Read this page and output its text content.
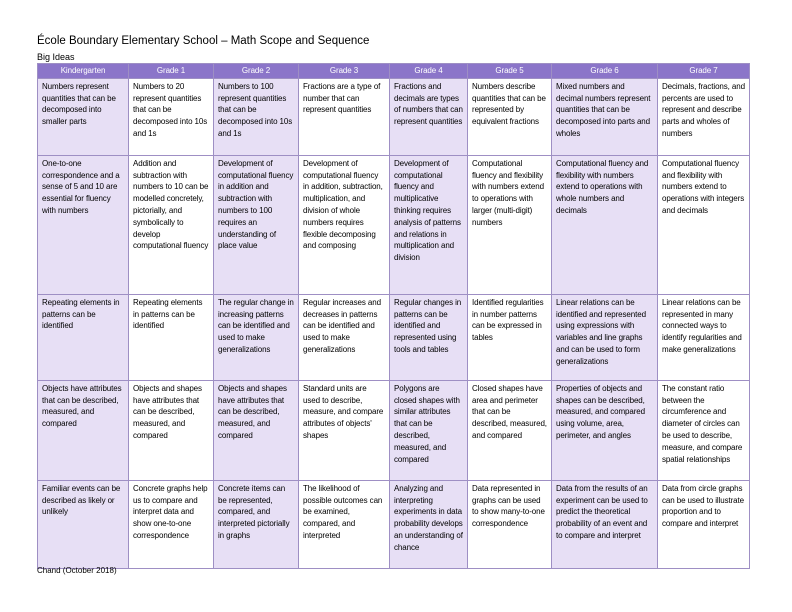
École Boundary Elementary School – Math Scope and Sequence
Big Ideas
Kindergarten	Grade 1	Grade 2	Grade 3	Grade 4	Grade 5	Grade 6	Grade 7
Numbers represent quantities that can be decomposed into smaller parts	Numbers to 20 represent quantities that can be decomposed into 10s and 1s	Numbers to 100 represent quantities that can be decomposed into 10s and 1s	Fractions are a type of number that can represent quantities	Fractions and decimals are types of numbers that can represent quantities	Numbers describe quantities that can be represented by equivalent fractions	Mixed numbers and decimal numbers represent quantities that can be decomposed into parts and wholes	Decimals, fractions, and percents are used to represent and describe parts and wholes of numbers
One-to-one correspondence and a sense of 5 and 10 are essential for fluency with numbers	Addition and subtraction with numbers to 10 can be modelled concretely, pictorially, and symbolically to develop computational fluency	Development of computational fluency in addition and subtraction with numbers to 100 requires an understanding of place value	Development of computational fluency in addition, subtraction, multiplication, and division of whole numbers requires flexible decomposing and composing	Development of computational fluency and multiplicative thinking requires analysis of patterns and relations in multiplication and division	Computational fluency and flexibility with numbers extend to operations with larger (multi-digit) numbers	Computational fluency and flexibility with numbers extend to operations with whole numbers and decimals	Computational fluency and flexibility with numbers extend to operations with integers and decimals
Repeating elements in patterns can be identified	Repeating elements in patterns can be identified	The regular change in increasing patterns can be identified and used to make generalizations	Regular increases and decreases in patterns can be identified and used to make generalizations	Regular changes in patterns can be identified and represented using tools and tables	Identified regularities in number patterns can be expressed in tables	Linear relations can be identified and represented using expressions with variables and line graphs and can be used to form generalizations	Linear relations can be represented in many connected ways to identify regularities and make generalizations
Objects have attributes that can be described, measured, and compared	Objects and shapes have attributes that can be described, measured, and compared	Objects and shapes have attributes that can be described, measured, and compared	Standard units are used to describe, measure, and compare attributes of objects' shapes	Polygons are closed shapes with similar attributes that can be described, measured, and compared	Closed shapes have area and perimeter that can be described, measured, and compared	Properties of objects and shapes can be described, measured, and compared using volume, area, perimeter, and angles	The constant ratio between the circumference and diameter of circles can be used to describe, measure, and compare spatial relationships
Familiar events can be described as likely or unlikely	Concrete graphs help us to compare and interpret data and show one-to-one correspondence	Concrete items can be represented, compared, and interpreted pictorially in graphs	The likelihood of possible outcomes can be examined, compared, and interpreted	Analyzing and interpreting experiments in data probability develops an understanding of chance	Data represented in graphs can be used to show many-to-one correspondence	Data from the results of an experiment can be used to predict the theoretical probability of an event and to compare and interpret	Data from circle graphs can be used to illustrate proportion and to compare and interpret
Chand (October 2018)
